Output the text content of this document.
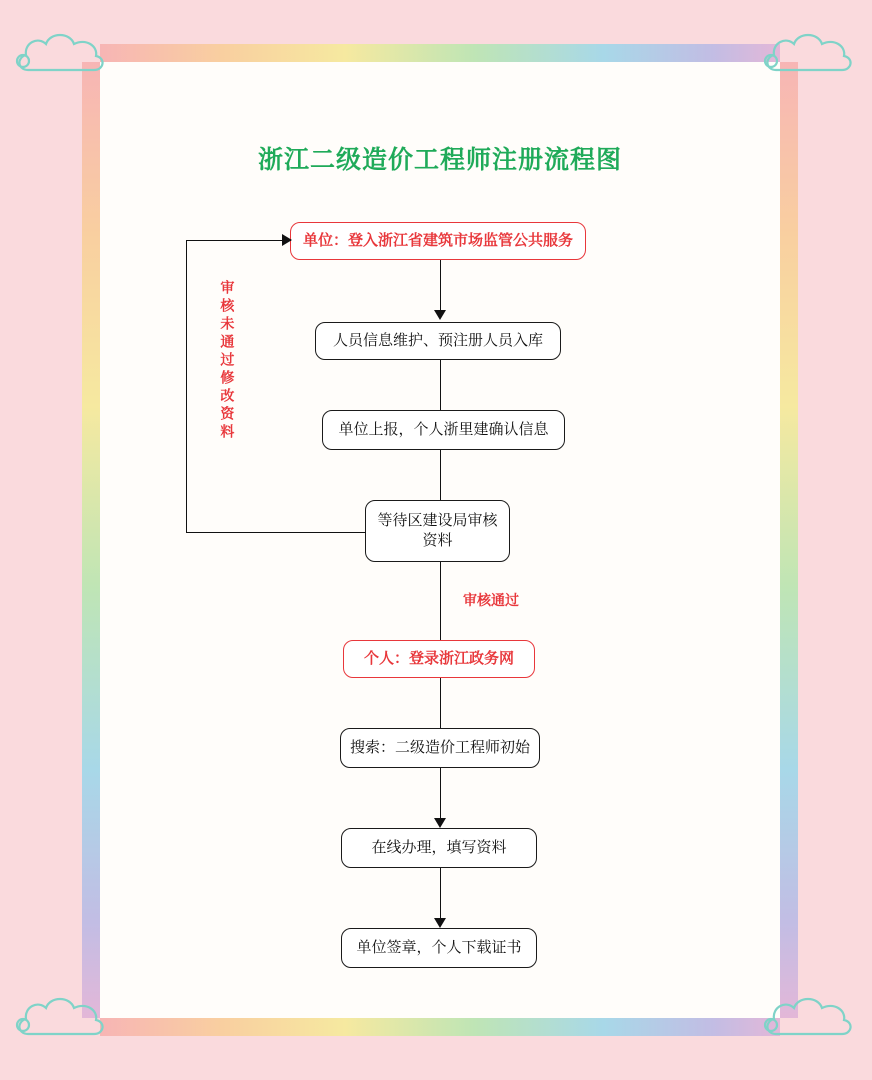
浙江二级造价工程师注册流程图
单位：登入浙江省建筑市场监管公共服务
人员信息维护、预注册人员入库
单位上报，个人浙里建确认信息
等待区建设局审核资料
审核未通过修改资料
审核通过
个人：登录浙江政务网
搜索：二级造价工程师初始
在线办理，填写资料
单位签章，个人下载证书
